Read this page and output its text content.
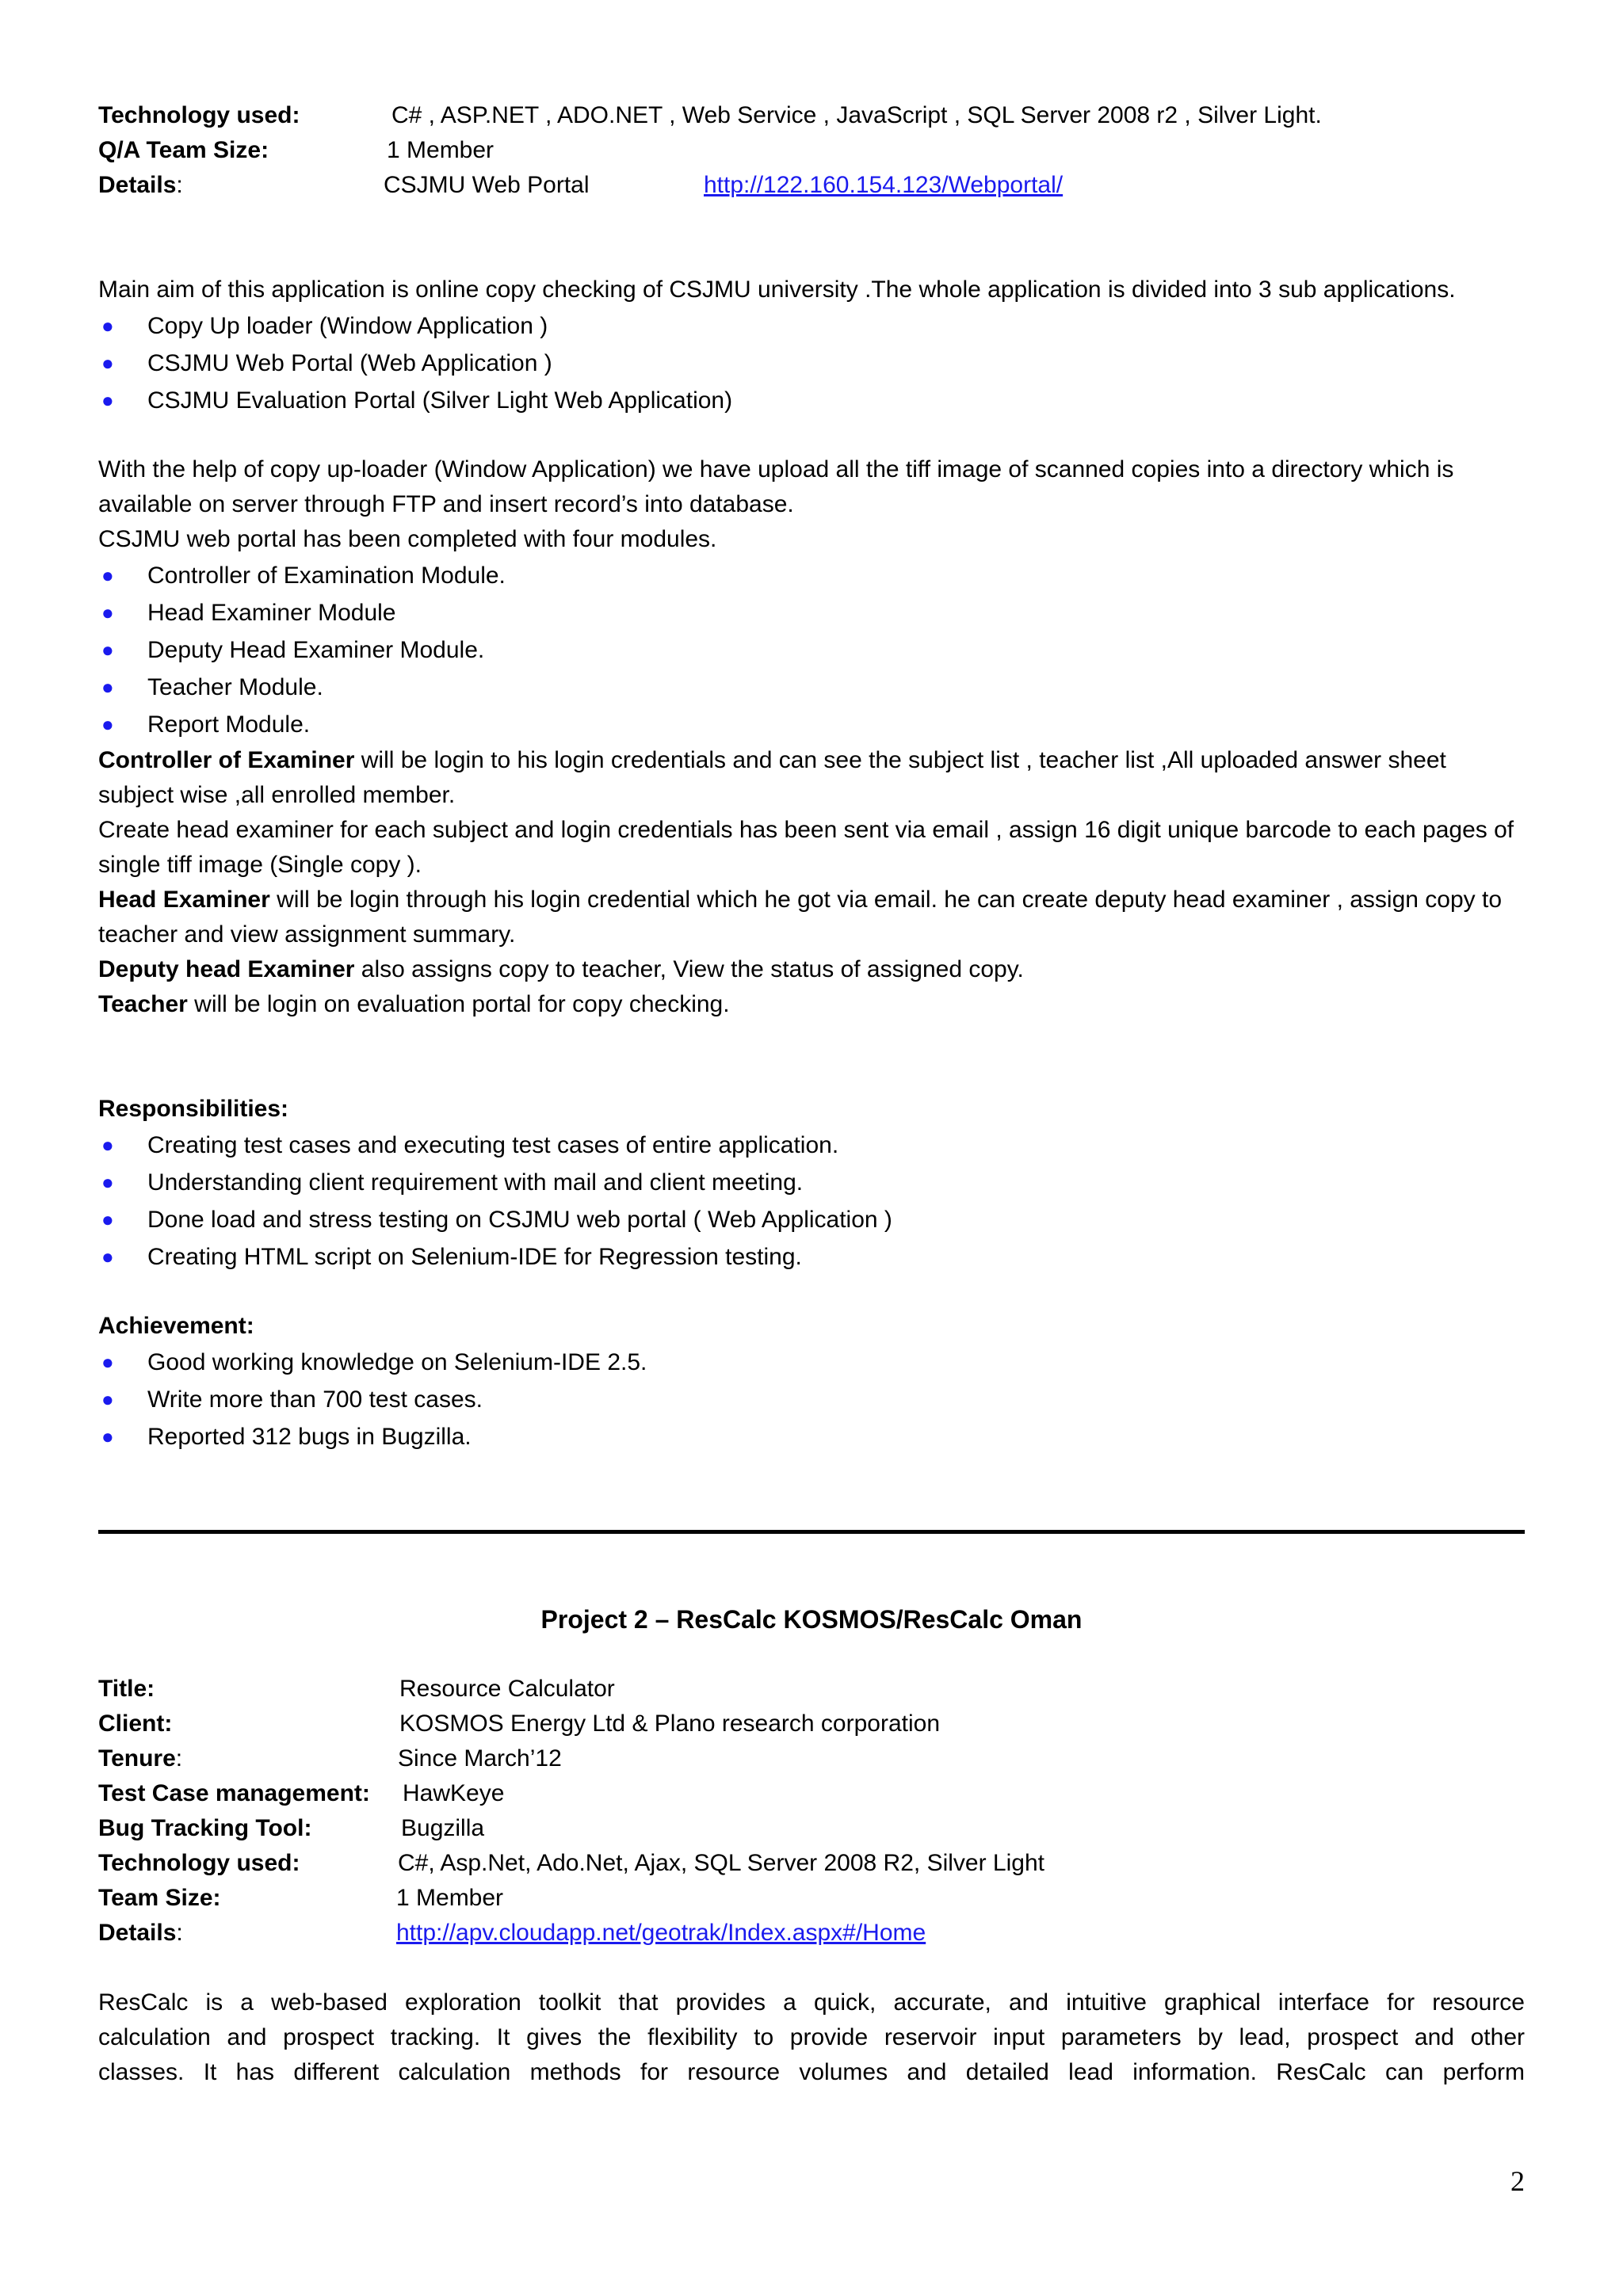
Technology used:	C# , ASP.NET , ADO.NET , Web Service , JavaScript , SQL Server 2008 r2 , Silver Light.
Q/A Team Size:	1 Member
Details:	CSJMU Web Portal	http://122.160.154.123/Webportal/

Main aim of this application is online copy checking of CSJMU university .The whole application is divided into 3 sub applications.

● Copy Up loader (Window Application )
● CSJMU Web Portal (Web Application )
● CSJMU Evaluation Portal (Silver Light Web Application)

With the help of copy up-loader (Window Application) we have upload all the tiff image of scanned copies into a directory which is available on server through FTP and insert record’s into database.

CSJMU web portal has been completed with four modules.

● Controller of Examination Module.
● Head Examiner Module
● Deputy Head Examiner Module.
● Teacher Module.
● Report Module.

Controller of Examiner will be login to his login credentials and can see the subject list , teacher list ,All uploaded answer sheet subject wise ,all enrolled member.

Create head examiner for each subject and login credentials has been sent via email , assign 16 digit unique barcode to each pages of single tiff image (Single copy ).

Head Examiner will be login through his login credential which he got via email. he can create deputy head examiner , assign copy to teacher and view assignment summary.

Deputy head Examiner also assigns copy to teacher, View the status of assigned copy.

Teacher will be login on evaluation portal for copy checking.

Responsibilities:

● Creating test cases and executing test cases of entire application.
● Understanding client requirement with mail and client meeting.
● Done load and stress testing on CSJMU web portal ( Web Application )
● Creating HTML script on Selenium-IDE for Regression testing.

Achievement:

● Good working knowledge on Selenium-IDE 2.5.
● Write more than 700 test cases.
● Reported 312 bugs in Bugzilla.

Project 2 – ResCalc KOSMOS/ResCalc Oman

Title:	Resource Calculator
Client:	KOSMOS Energy Ltd & Plano research corporation
Tenure:	Since March’12
Test Case management: HawKeye
Bug Tracking Tool:	Bugzilla
Technology used:	C#, Asp.Net, Ado.Net, Ajax, SQL Server 2008 R2, Silver Light
Team Size:	1 Member
Details:	http://apv.cloudapp.net/geotrak/Index.aspx#/Home

ResCalc is a web-based exploration toolkit that provides a quick, accurate, and intuitive graphical interface for resource

calculation and prospect tracking. It gives the flexibility to provide reservoir input parameters by lead, prospect and other

classes. It has different calculation methods for resource volumes and detailed lead information. ResCalc can perform

2
